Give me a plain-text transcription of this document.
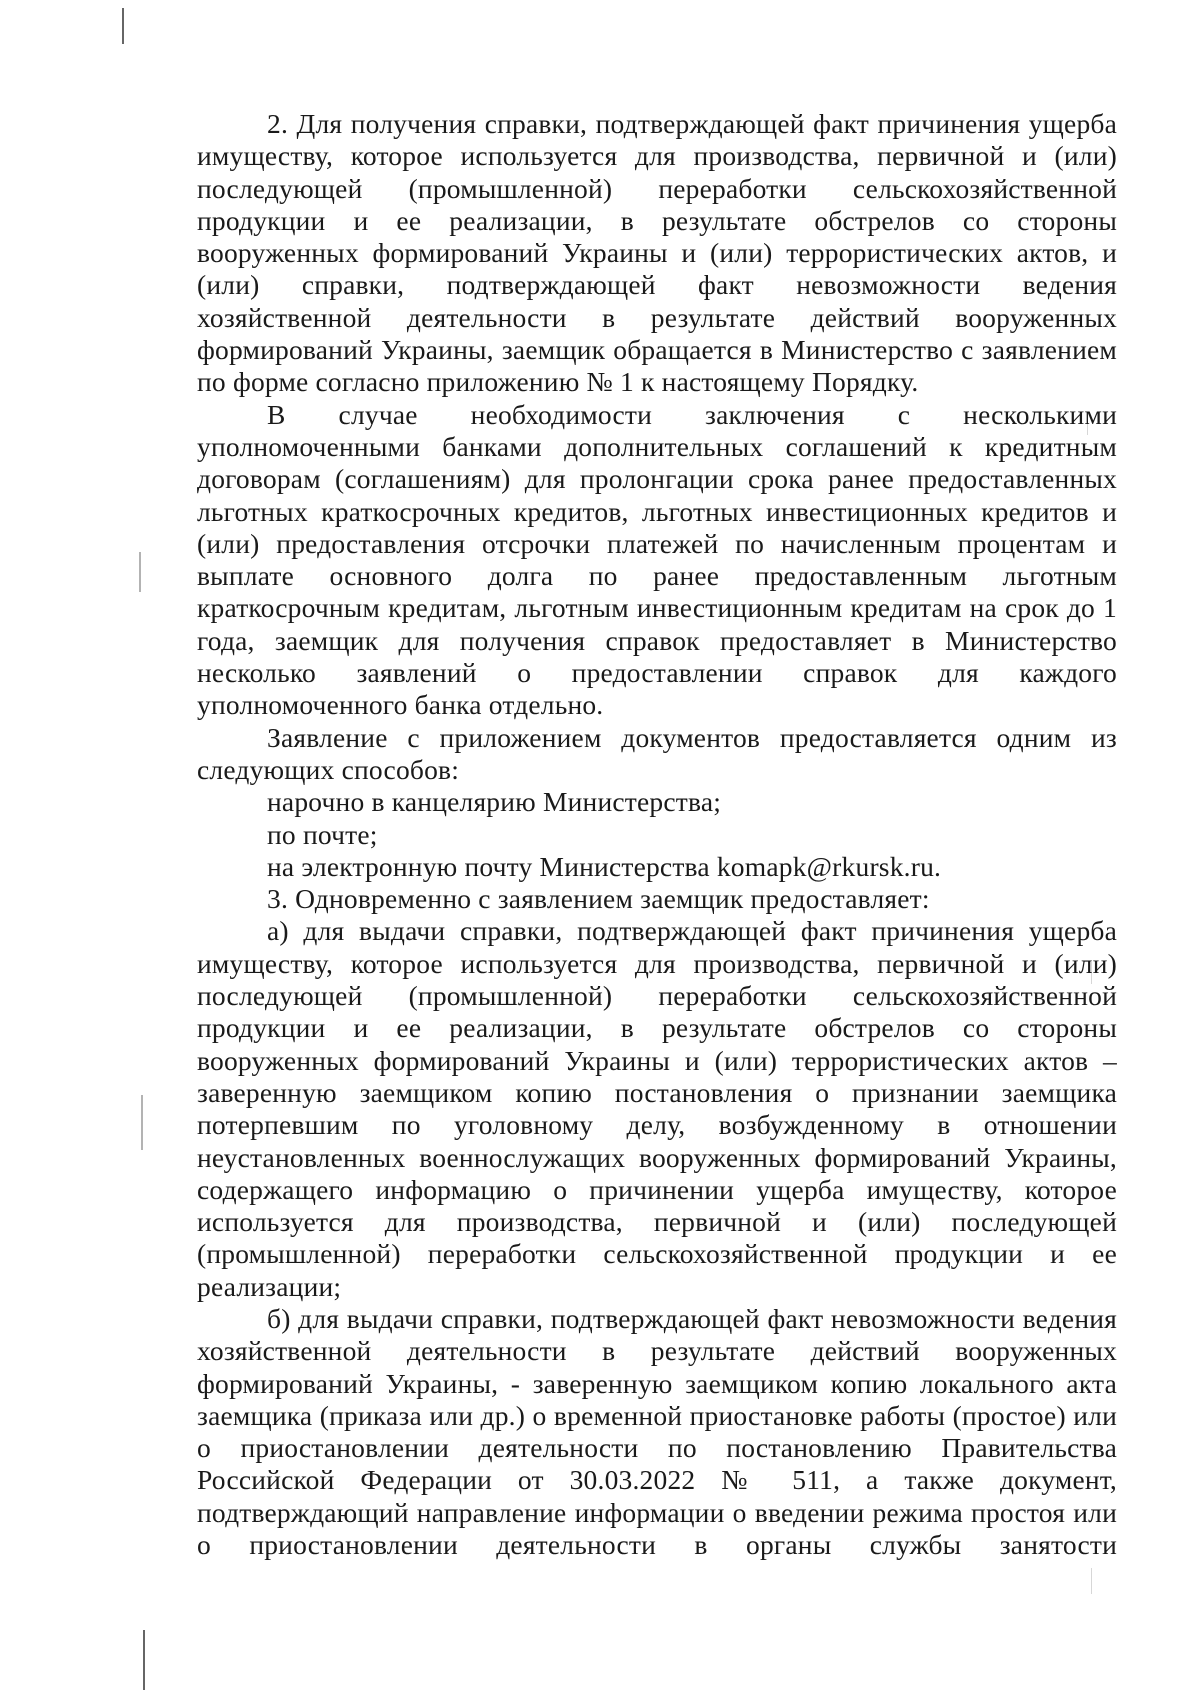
2. Для получения справки, подтверждающей факт причинения ущерба имуществу, которое используется для производства, первичной и (или) последующей (промышленной) переработки сельскохозяйственной продукции и ее реализации, в результате обстрелов со стороны вооруженных формирований Украины и (или) террористических актов, и (или) справки, подтверждающей факт невозможности ведения хозяйственной деятельности в результате действий вооруженных формирований Украины, заемщик обращается в Министерство с заявлением по форме согласно приложению № 1 к настоящему Порядку.

В случае необходимости заключения с несколькими уполномоченными банками дополнительных соглашений к кредитным договорам (соглашениям) для пролонгации срока ранее предоставленных льготных краткосрочных кредитов, льготных инвестиционных кредитов и (или) предоставления отсрочки платежей по начисленным процентам и выплате основного долга по ранее предоставленным льготным краткосрочным кредитам, льготным инвестиционным кредитам на срок до 1 года, заемщик для получения справок предоставляет в Министерство несколько заявлений о предоставлении справок для каждого уполномоченного банка отдельно.

Заявление с приложением документов предоставляется одним из следующих способов:

нарочно в канцелярию Министерства;

по почте;

на электронную почту Министерства komapk@rkursk.ru.

3. Одновременно с заявлением заемщик предоставляет:

а) для выдачи справки, подтверждающей факт причинения ущерба имуществу, которое используется для производства, первичной и (или) последующей (промышленной) переработки сельскохозяйственной продукции и ее реализации, в результате обстрелов со стороны вооруженных формирований Украины и (или) террористических актов – заверенную заемщиком копию постановления о признании заемщика потерпевшим по уголовному делу, возбужденному в отношении неустановленных военнослужащих вооруженных формирований Украины, содержащего информацию о причинении ущерба имуществу, которое используется для производства, первичной и (или) последующей (промышленной) переработки сельскохозяйственной продукции и ее реализации;

б) для выдачи справки, подтверждающей факт невозможности ведения хозяйственной деятельности в результате действий вооруженных формирований Украины, - заверенную заемщиком копию локального акта заемщика (приказа или др.) о временной приостановке работы (простое) или о приостановлении деятельности по постановлению Правительства Российской Федерации от 30.03.2022 № 511, а также документ, подтверждающий направление информации о введении режима простоя или о приостановлении деятельности в органы службы занятости
